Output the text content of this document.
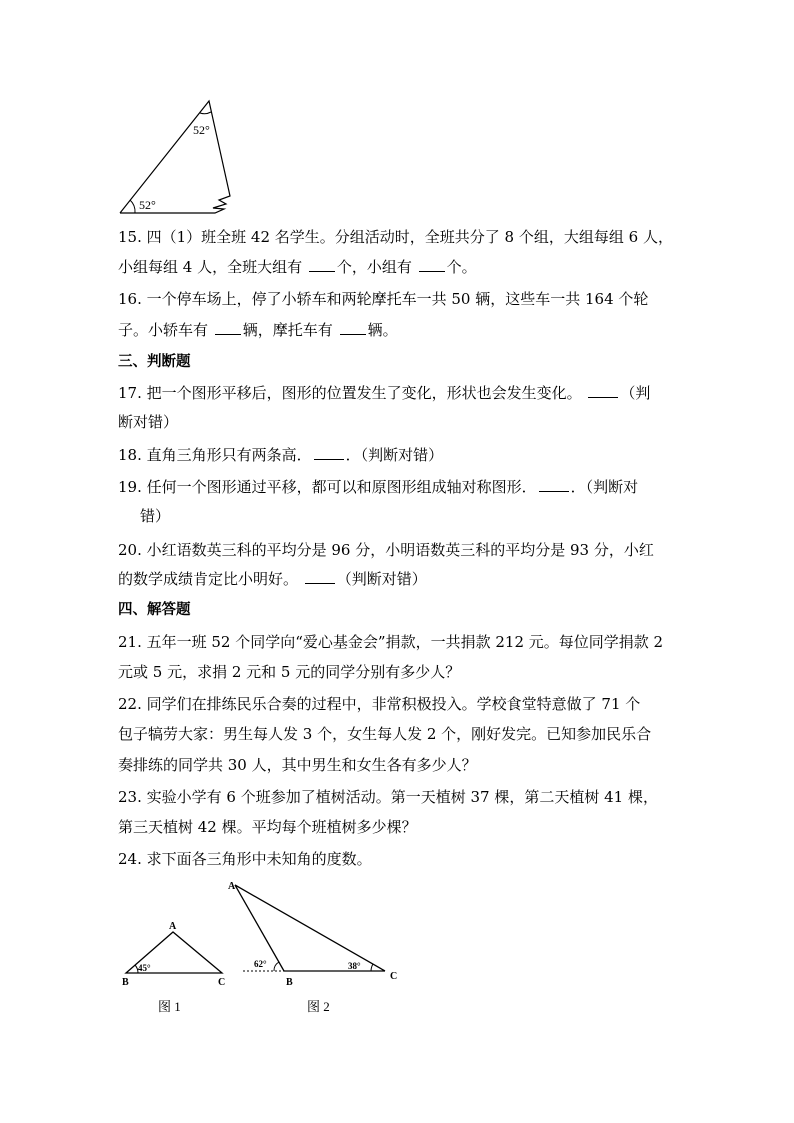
52°
52°
15. 四（1）班全班 42 名学生。分组活动时，全班共分了 8 个组，大组每组 6 人，
小组每组 4 人，全班大组有 个，小组有 个。
16. 一个停车场上，停了小轿车和两轮摩托车一共 50 辆，这些车一共 164 个轮
子。小轿车有 辆，摩托车有 辆。
三、判断题
17. 把一个图形平移后，图形的位置发生了变化，形状也会发生变化。	（判
断对错）
18. 直角三角形只有两条高． ．（判断对错）
19. 任何一个图形通过平移，都可以和原图形组成轴对称图形． ．（判断对
错）
20. 小红语数英三科的平均分是 96 分，小明语数英三科的平均分是 93 分，小红
的数学成绩肯定比小明好。	（判断对错）
四、解答题
21. 五年一班 52 个同学向“爱心基金会”捐款，一共捐款 212 元。每位同学捐款 2
元或 5 元，求捐 2 元和 5 元的同学分别有多少人？
22. 同学们在排练民乐合奏的过程中，非常积极投入。学校食堂特意做了 71 个
包子犒劳大家：男生每人发 3 个，女生每人发 2 个，刚好发完。已知参加民乐合
奏排练的同学共 30 人，其中男生和女生各有多少人？
23. 实验小学有 6 个班参加了植树活动。第一天植树 37 棵，第二天植树 41 棵，
第三天植树 42 棵。平均每个班植树多少棵？
24. 求下面各三角形中未知角的度数。
A
B	C
45°
图 1
A
B
C
62°	38°
图 2
